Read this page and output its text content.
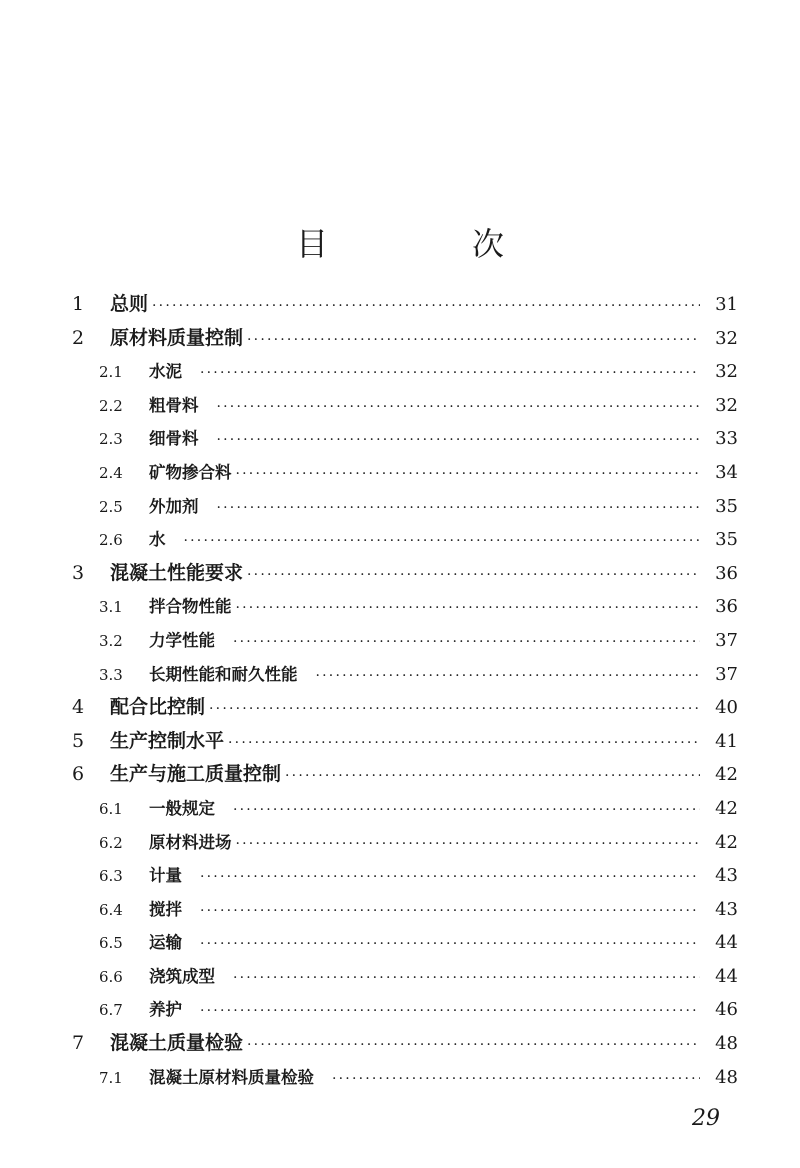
目　次
1	总则 ·····	31
2	原材料质量控制 ·····	32
2.1	水泥 ·····	32
2.2	粗骨料 ·····	32
2.3	细骨料 ·····	33
2.4	矿物掺合料 ·····	34
2.5	外加剂 ·····	35
2.6	水 ·····	35
3	混凝土性能要求 ·····	36
3.1	拌合物性能 ·····	36
3.2	力学性能 ·····	37
3.3	长期性能和耐久性能 ·····	37
4	配合比控制 ·····	40
5	生产控制水平 ·····	41
6	生产与施工质量控制 ·····	42
6.1	一般规定 ·····	42
6.2	原材料进场 ·····	42
6.3	计量 ·····	43
6.4	搅拌 ·····	43
6.5	运输 ·····	44
6.6	浇筑成型 ·····	44
6.7	养护 ·····	46
7	混凝土质量检验 ·····	48
7.1	混凝土原材料质量检验 ·····	48
29
